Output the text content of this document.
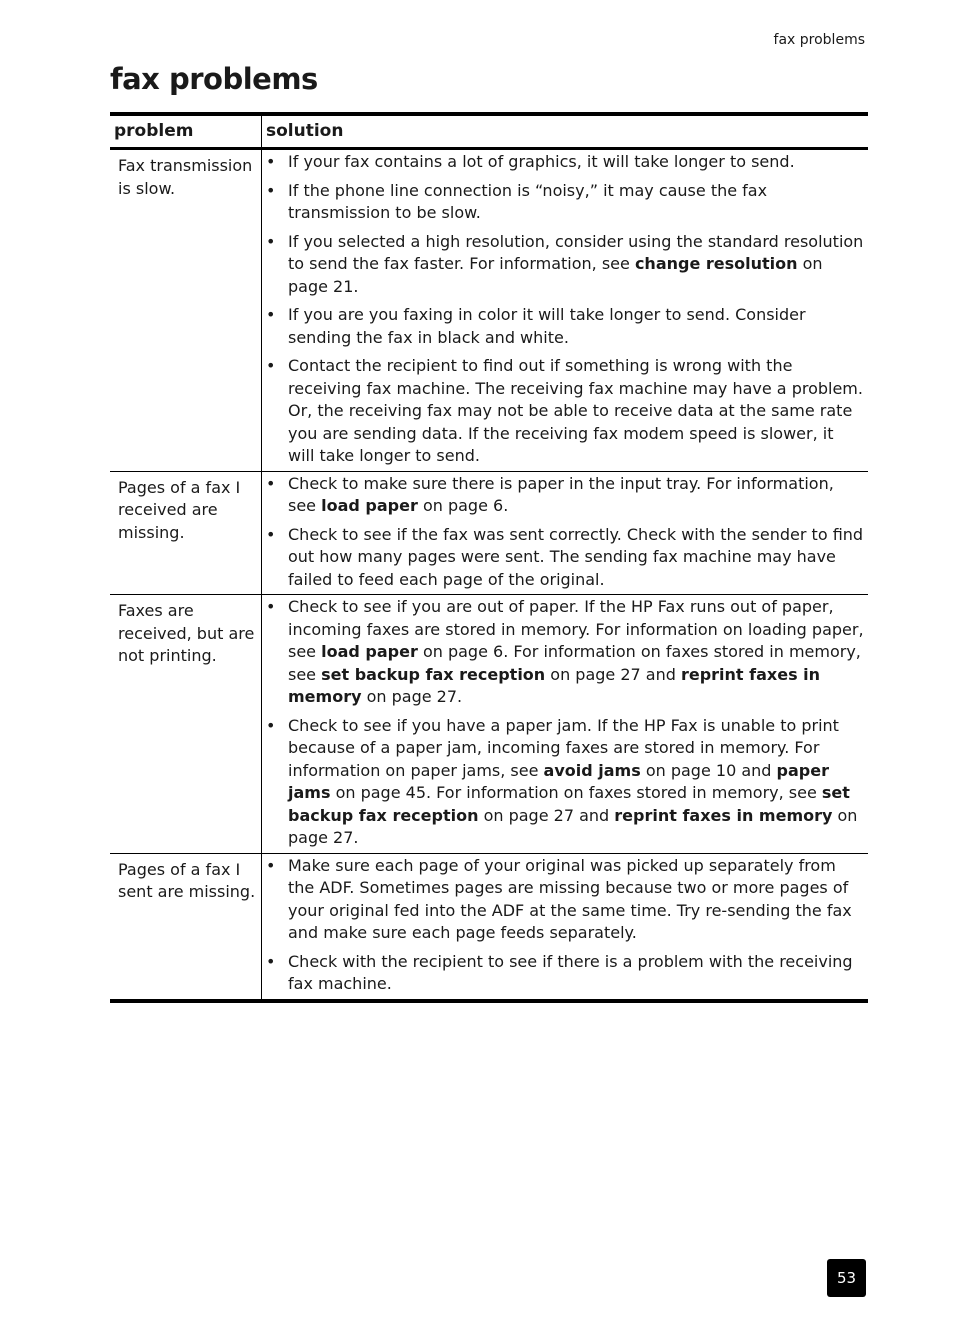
fax problems
fax problems
problem	solution
Fax transmission is slow.
• If your fax contains a lot of graphics, it will take longer to send.
• If the phone line connection is “noisy,” it may cause the fax transmission to be slow.
• If you selected a high resolution, consider using the standard resolution to send the fax faster. For information, see change resolution on page 21.
• If you are you faxing in color it will take longer to send. Consider sending the fax in black and white.
• Contact the recipient to find out if something is wrong with the receiving fax machine. The receiving fax machine may have a problem. Or, the receiving fax may not be able to receive data at the same rate you are sending data. If the receiving fax modem speed is slower, it will take longer to send.
Pages of a fax I received are missing.
• Check to make sure there is paper in the input tray. For information, see load paper on page 6.
• Check to see if the fax was sent correctly. Check with the sender to find out how many pages were sent. The sending fax machine may have failed to feed each page of the original.
Faxes are received, but are not printing.
• Check to see if you are out of paper. If the HP Fax runs out of paper, incoming faxes are stored in memory. For information on loading paper, see load paper on page 6. For information on faxes stored in memory, see set backup fax reception on page 27 and reprint faxes in memory on page 27.
• Check to see if you have a paper jam. If the HP Fax is unable to print because of a paper jam, incoming faxes are stored in memory. For information on paper jams, see avoid jams on page 10 and paper jams on page 45. For information on faxes stored in memory, see set backup fax reception on page 27 and reprint faxes in memory on page 27.
Pages of a fax I sent are missing.
• Make sure each page of your original was picked up separately from the ADF. Sometimes pages are missing because two or more pages of your original fed into the ADF at the same time. Try re-sending the fax and make sure each page feeds separately.
• Check with the recipient to see if there is a problem with the receiving fax machine.
53
